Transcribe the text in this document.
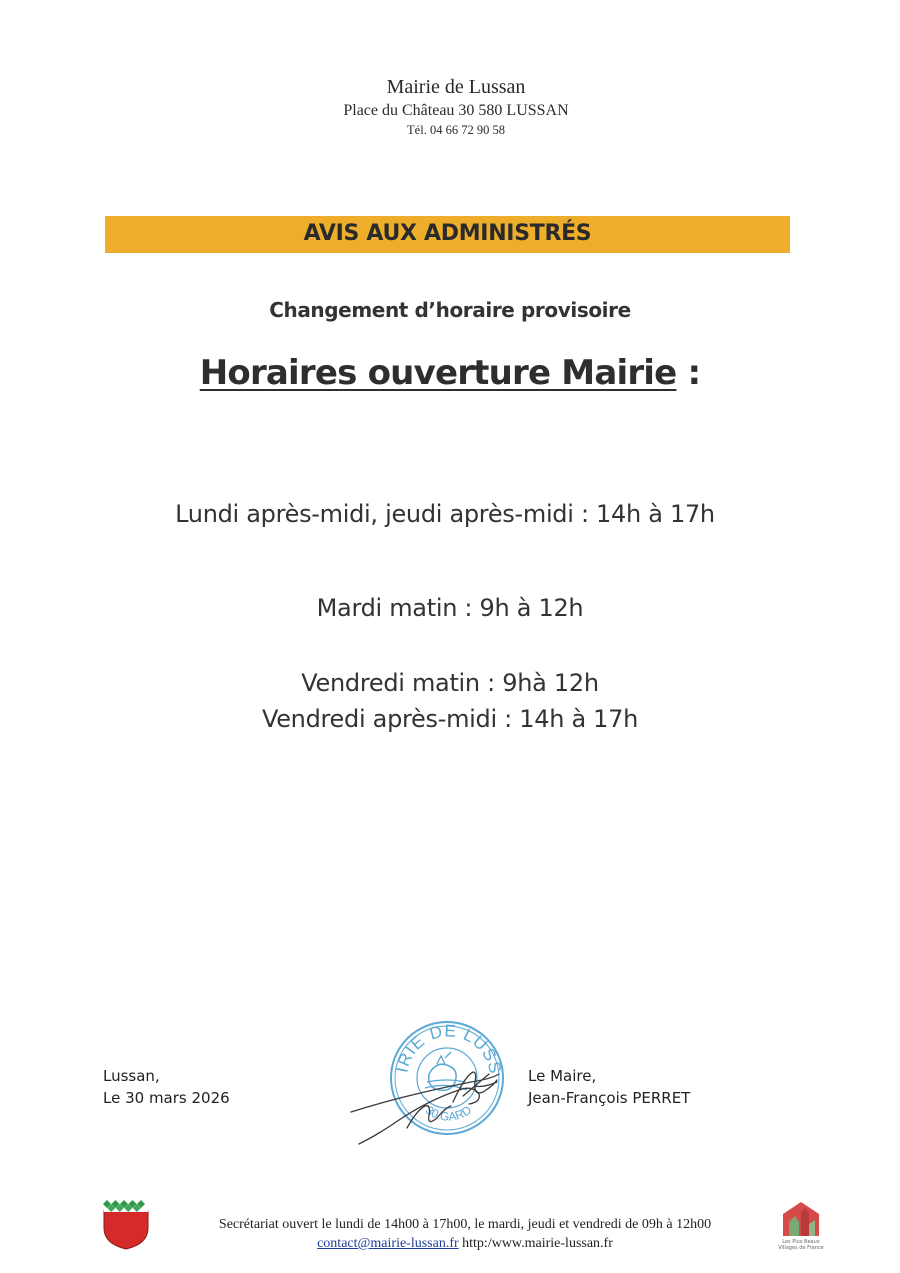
Mairie de Lussan
Place du Château 30 580 LUSSAN
Tél. 04 66 72 90 58
AVIS AUX ADMINISTRÉS
Changement d’horaire provisoire
Horaires ouverture Mairie :
Lundi après-midi, jeudi après-midi : 14h à 17h
Mardi matin : 9h à 12h
Vendredi matin : 9hà 12h
Vendredi après-midi : 14h à 17h
Lussan,
Le 30 mars 2026
IRIE DE LUSS
30 GARD
Le Maire,
Jean-François PERRET
Secrétariat ouvert le lundi de 14h00 à 17h00, le mardi, jeudi et vendredi de 09h à 12h00
contact@mairie-lussan.fr http:/www.mairie-lussan.fr	Les Plus Beaux Villages de France
